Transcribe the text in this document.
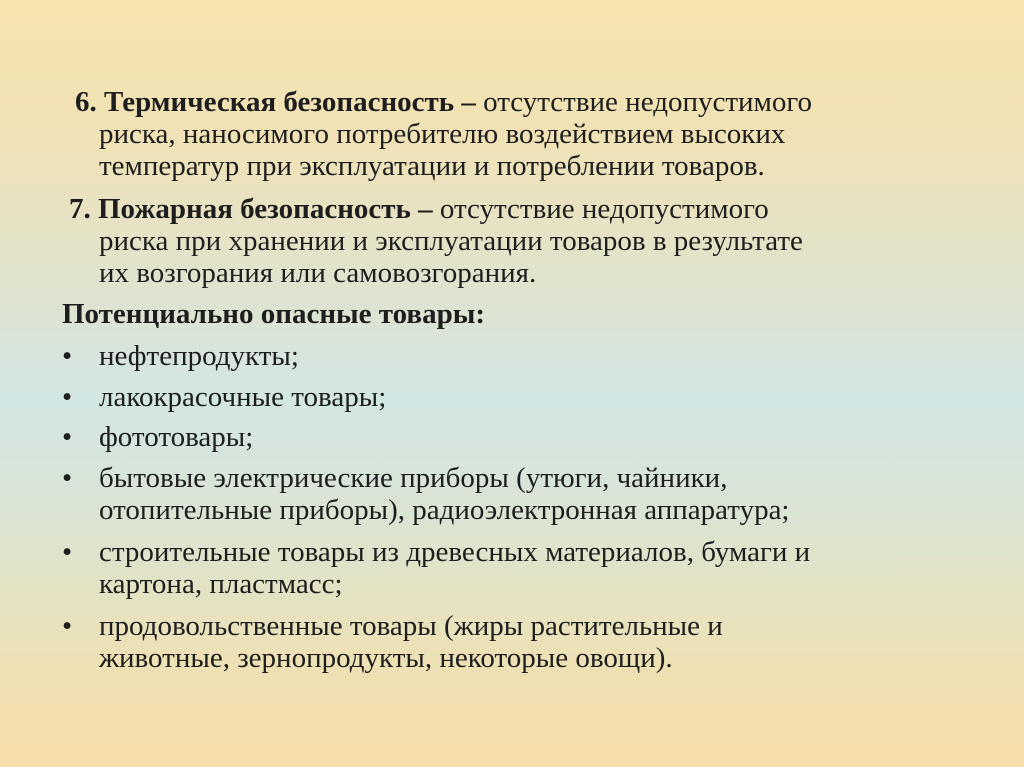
6. Термическая безопасность – отсутствие недопустимого
риска, наносимого потребителю воздействием высоких
температур при эксплуатации и потреблении товаров.
7. Пожарная безопасность – отсутствие недопустимого
риска при хранении и эксплуатации товаров в результате
их возгорания или самовозгорания.
Потенциально опасные товары:
• нефтепродукты;
• лакокрасочные товары;
• фототовары;
• бытовые электрические приборы (утюги, чайники,
отопительные приборы), радиоэлектронная аппаратура;
• строительные товары из древесных материалов, бумаги и
картона, пластмасс;
• продовольственные товары (жиры растительные и
животные, зернопродукты, некоторые овощи).
